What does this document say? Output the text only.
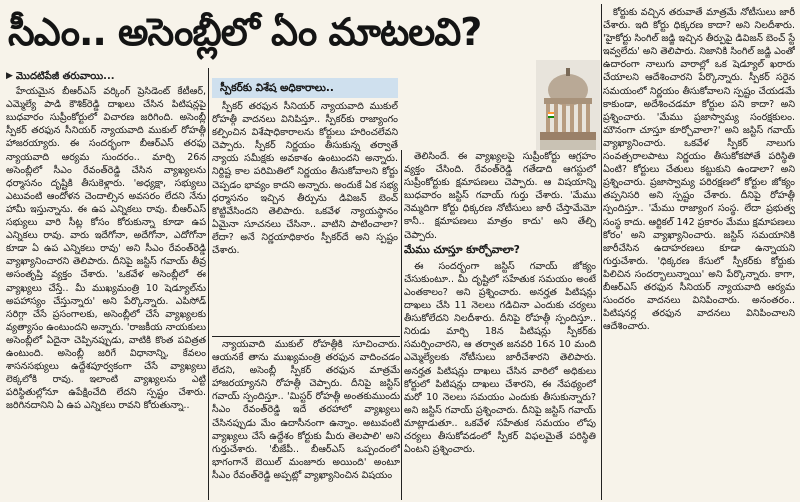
సీఎం.. అసెంబ్లీలో ఏం మాటలవి?
▶ మొదటిపేజీ తరువాయి...

హేయమైన బీఆర్ఎస్ వర్కింగ్ ప్రెసిడెంట్ కేటీఆర్, ఎమ్మెల్యే పాడి కౌశిక్‌రెడ్డి దాఖలు చేసిన పిటిషన్లపై బుధవారం సుప్రీంకోర్టులో విచారణ జరిగింది. అసెంబ్లీ స్పీకర్ తరఫున సీనియర్ న్యాయవాది ముకుల్ రోహత్గీ హాజరయ్యారు. ఈ సందర్భంగా బీఆర్ఎస్ తరఫు న్యాయవాది ఆర్యమ సుందరం.. మార్చి 26న అసెంబ్లీలో సీఎం రేవంత్‌రెడ్డి చేసిన వ్యాఖ్యలను ధర్మాసనం దృష్టికి తీసుకెళ్లారు. 'అధ్యక్షా, సభ్యులు ఎటువంటి ఆందోళన చెందాల్సిన అవసరం లేదని నేను హామీ ఇస్తున్నాను. ఈ ఉప ఎన్నికలు రావు. బీఆర్ఎస్ సభ్యులు వారి సీట్ల కోసం కోరుకున్నా కూడా ఉప ఎన్నికలు రావు. వారు ఇదేగోనా, అదేగోనా, ఎదోగోనా కూడా ఏ ఉప ఎన్నికలు రావు' అని సీఎం రేవంత్‌రెడ్డి వ్యాఖ్యానించారని తెలిపారు. దీనిపై జస్టిస్ గవాయ్ తీవ్ర అసంతృప్తి వ్యక్తం చేశారు. 'ఒకవేళ అసెంబ్లీలో ఈ వ్యాఖ్యలు చేస్తే.. మీ ముఖ్యమంత్రి 10 షెడ్యూల్‌ను అపహాస్యం చేస్తున్నారు' అని పేర్కొన్నారు. ఎపిసోడ్ సరిగ్గా చేసే ప్రసంగాలకు, అసెంబ్లీలో చేసే వ్యాఖ్యలకు వ్యత్యాసం ఉంటుందని అన్నారు. 'రాజకీయ నాయకులు అసెంబ్లీలో ఏదైనా చెప్పినప్పుడు, వాటికి కొంత పవిత్రత ఉంటుంది. అసెంబ్లీ జరిగే విధానాన్ని, కేవలం శాసనసభ్యులు ఉద్దేశపూర్వకంగా చేసే వ్యాఖ్యలు లెక్కలోకి రావు. ఇలాంటి వ్యాఖ్యలను ఎట్టి పరిస్థితుల్లోనూ ఉపేక్షించేది లేదని స్పష్టం చేశారు. జరిగినదానిని ఏ ఉప ఎన్నికలు రావని కోరుతున్నా..

స్పీకర్‌కు విశేష అధికారాలు..

స్పీకర్ తరఫున సీనియర్ న్యాయవాది ముకుల్ రోహత్గీ వాదనలు వినిపిస్తూ.. స్పీకర్‌కు రాజ్యాంగం కల్పించిన విశేషాధికారాలను కోర్టులు హరించలేవని చెప్పారు. స్పీకర్ నిర్ణయం తీసుకున్న తర్వాతే న్యాయ సమీక్షకు అవకాశం ఉంటుందని అన్నారు. నిర్దిష్ట కాల పరిమితిలో నిర్ణయం తీసుకోవాలని కోర్టు చెప్పడం భావ్యం కాదని అన్నారు. అందుకే ఏక సభ్య ధర్మాసనం ఇచ్చిన తీర్పును డివిజన్ బెంచ్ కొట్టివేసిందని తెలిపారు. ఒకవేళ న్యాయస్థానం ఏమైనా సూచనలు చేసినా.. వాటిని పాటించాలా? లేదా? అనే నిర్ణయాధికారం స్పీకర్‌దే అని స్పష్టం చేశారు.

న్యాయవాది ముకుల్ రోహత్గీకి సూచించారు. ఆయనకే తాను ముఖ్యమంత్రి తరఫున వాదించడం లేదని, అసెంబ్లీ స్పీకర్ తరఫున మాత్రమే హాజరయ్యానని రోహత్గీ చెప్పారు. దీనిపై జస్టిస్ గవాయ్ స్పందిస్తూ.. 'మిస్టర్ రోహత్గీ అంతకుముందు సీఎం రేవంత్‌రెడ్డి ఇదే తరహాలో వ్యాఖ్యలు చేసినప్పుడు మేం ఉదాసీనంగా ఉన్నాం. అటువంటి వ్యాఖ్యలు చేసే ఉద్దేశం కోర్టుకు మీరు తెలపాలి' అని గుర్తుచేశారు. 'బీజేపీ.. బీఆర్ఎస్ ఒప్పందంలో భాగంగానే బెయిల్ మంజూరు అయింది' అంటూ సీఎం రేవంత్‌రెడ్డి అప్పట్లో వ్యాఖ్యానించిన విషయం

తెలిసిందే. ఈ వ్యాఖ్యలపై సుప్రీంకోర్టు ఆగ్రహం వ్యక్తం చేసింది. రేవంత్‌రెడ్డి గతేడాది ఆగస్టులో సుప్రీంకోర్టుకు క్షమాపణలు చెప్పారు. ఆ విషయాన్ని బుధవారం జస్టిస్ గవాయ్ గుర్తు చేశారు. 'మేము నెమ్మదిగా కోర్టు ధిక్కరణ నోటీసులు జారీ చేస్తామేమో కానీ.. క్షమాపణలు మాత్రం కాదు' అని తేల్చి చెప్పారు.

మేము చూస్తూ కూర్చోవాలా?

ఈ సందర్భంగా జస్టిస్ గవాయ్ జోక్యం చేసుకుంటూ.. మీ దృష్టిలో సహేతుక సమయం అంటే ఎంతకాలం? అని ప్రశ్నించారు. అనర్హత పిటిషన్లు దాఖలు చేసి 11 నెలలు గడిచినా ఎందుకు చర్యలు తీసుకోలేదని నిలదీశారు. దీనిపై రోహత్గీ స్పందిస్తూ.. నిరుడు మార్చి 18న పిటిషన్లు స్పీకర్‌కు సమర్పించారని, ఆ తర్వాత జనవరి 16న 10 మంది ఎమ్మెల్యేలకు నోటీసులు జారీచేశారని తెలిపారు. అనర్హత పిటిషన్లు దాఖలు చేసిన వారిలో అధికులు కోర్టులో పిటిషన్లు దాఖలు చేశారని, ఈ నేపథ్యంలో మరో 10 నెలలు సమయం ఎందుకు తీసుకున్నారు? అని జస్టిస్ గవాయ్ ప్రశ్నించారు. దీనిపై జస్టిస్ గవాయ్ మాట్లాడుతూ.. ఒకవేళ సహేతుక సమయం లోపు చర్యలు తీసుకోవడంలో స్పీకర్ విఫలమైతే పరిస్థితి ఏంటని ప్రశ్నించారు.

కోర్టుకు వచ్చిన తరువాతే మాత్రమే నోటీసులు జారీ చేశారు. ఇది కోర్టు ధిక్కరణ కాదా? అని నిలదీశారు. 'హైకోర్టు సింగిల్ జడ్జి ఇచ్చిన తీర్పుపై డివిజన్ బెంచ్ స్టే ఇవ్వలేదు' అని తెలిపారు. నిజానికి సింగిల్ జడ్జి ఎంతో ఉదారంగా నాలుగు వారాల్లో ఒక షెడ్యూల్ ఖరారు చేయాలని ఆదేశించారని పేర్కొన్నారు. స్పీకర్ సరైన సమయంలో నిర్ణయం తీసుకోవాలని స్పష్టం చేయడమే కాకుండా, అదేశించడమా కోర్టుల పని కాదా? అని ప్రశ్నించారు. 'మేము ప్రజాస్వామ్య సంరక్షకులం. మౌనంగా చూస్తూ కూర్చోవాలా?' అని జస్టిస్ గవాయ్ వ్యాఖ్యానించారు. ఒకవేళ స్పీకర్ నాలుగు సంవత్సరాలపాటు నిర్ణయం తీసుకోకపోతే పరిస్థితి ఏంటి? కోర్టులు చేతులు కట్టుకుని ఉండాలా? అని ప్రశ్నించారు. ప్రజాస్వామ్య పరిరక్షణలో కోర్టుల జోక్యం తప్పనిసరి అని స్పష్టం చేశారు. దీనిపై రోహత్గీ స్పందిస్తూ.. 'మేము రాజ్యాంగ సంస్థ. లేదా ప్రభుత్వ సంస్థ కాదు. ఆర్టికల్ 142 ప్రకారం మేము క్షమాపణలు కోరం' అని వ్యాఖ్యానించారు. జస్టిస్ సమయానికి జారీచేసిన ఉదాహరణలు కూడా ఉన్నాయని గుర్తుచేశారు. 'ధిక్కరణ కేసులో స్పీకర్‌కు కోర్టుకు పిలిచిన సందర్భాలున్నాయి' అని పేర్కొన్నారు. కాగా, బీఆర్ఎస్ తరఫున సీనియర్ న్యాయవాది ఆర్యమ సుందరం వాదనలు వినిపించారు. అనంతరం.. పిటిషనర్ల తరఫున వాదనలు వినిపించాలని ఆదేశించారు.
